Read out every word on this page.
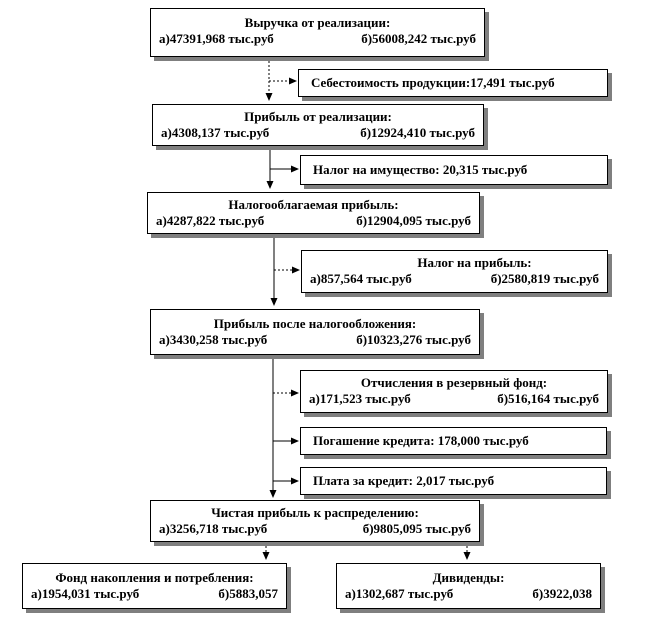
Выручка от реализации:
а)47391,968 тыс.руб	б)56008,242 тыс.руб
Себестоимость продукции:17,491 тыс.руб
Прибыль от реализации:
а)4308,137 тыс.руб	б)12924,410 тыс.руб
Налог на имущество: 20,315 тыс.руб
Налогооблагаемая прибыль:
а)4287,822 тыс.руб	б)12904,095 тыс.руб
Налог на прибыль:
а)857,564 тыс.руб	б)2580,819 тыс.руб
Прибыль после налогообложения:
а)3430,258 тыс.руб	б)10323,276 тыс.руб
Отчисления в резервный фонд:
а)171,523 тыс.руб	б)516,164 тыс.руб
Погашение кредита: 178,000 тыс.руб
Плата за кредит: 2,017 тыс.руб
Чистая прибыль к распределению:
а)3256,718 тыс.руб	б)9805,095 тыс.руб
Фонд накопления и потребления:
а)1954,031 тыс.руб	б)5883,057
Дивиденды:
а)1302,687 тыс.руб	б)3922,038
